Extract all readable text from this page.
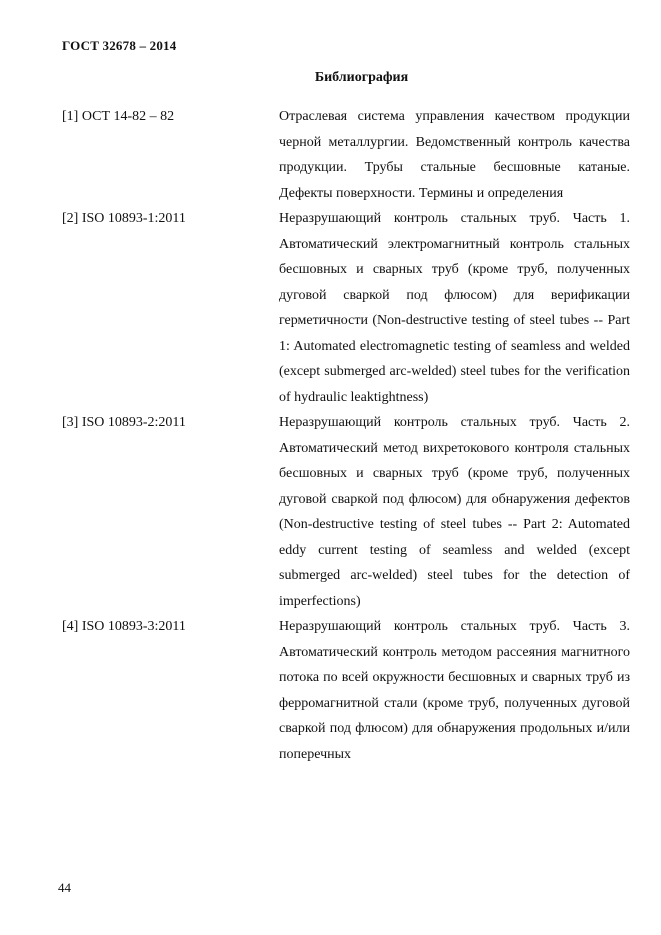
ГОСТ 32678 – 2014
Библиография
[1] ОСТ 14-82 – 82	Отраслевая система управления качеством продукции черной металлургии. Ведомственный контроль качества продукции. Трубы стальные бесшовные катаные. Дефекты поверхности. Термины и определения
[2] ISO 10893-1:2011	Неразрушающий контроль стальных труб. Часть 1. Автоматический электромагнитный контроль стальных бесшовных и сварных труб (кроме труб, полученных дуговой сваркой под флюсом) для верификации герметичности (Non-destructive testing of steel tubes -- Part 1: Automated electromagnetic testing of seamless and welded (except submerged arc-welded) steel tubes for the verification of hydraulic leaktightness)
[3] ISO 10893-2:2011	Неразрушающий контроль стальных труб. Часть 2. Автоматический метод вихретокового контроля стальных бесшовных и сварных труб (кроме труб, полученных дуговой сваркой под флюсом) для обнаружения дефектов (Non-destructive testing of steel tubes -- Part 2: Automated eddy current testing of seamless and welded (except submerged arc-welded) steel tubes for the detection of imperfections)
[4] ISO 10893-3:2011	Неразрушающий контроль стальных труб. Часть 3. Автоматический контроль методом рассеяния магнитного потока по всей окружности бесшовных и сварных труб из ферромагнитной стали (кроме труб, полученных дуговой сваркой под флюсом) для обнаружения продольных и/или поперечных
44
